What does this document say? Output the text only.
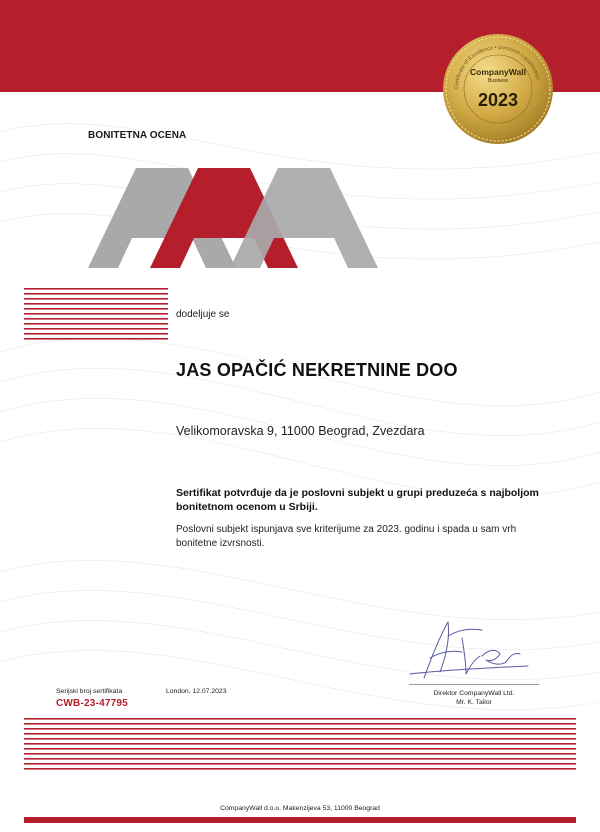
Certificate of Excellence • Izvrsnost u poslovanju
CompanyWall
Business
2023
BONITETNA OCENA
dodeljuje se
JAS OPAČIĆ NEKRETNINE DOO
Velikomoravska 9, 11000 Beograd, Zvezdara
Sertifikat potvrđuje da je poslovni subjekt u grupi preduzeća s najboljom bonitetnom ocenom u Srbiji.
Poslovni subjekt ispunjava sve kriterijume za 2023. godinu i spada u sam vrh bonitetne izvrsnosti.
Direktor CompanyWall Ltd.
Mr. K. Tailor
Serijski broj sertifikata
CWB-23-47795
London, 12.07.2023
CompanyWall d.o.o. Makenzijeva 53, 11000 Beograd
